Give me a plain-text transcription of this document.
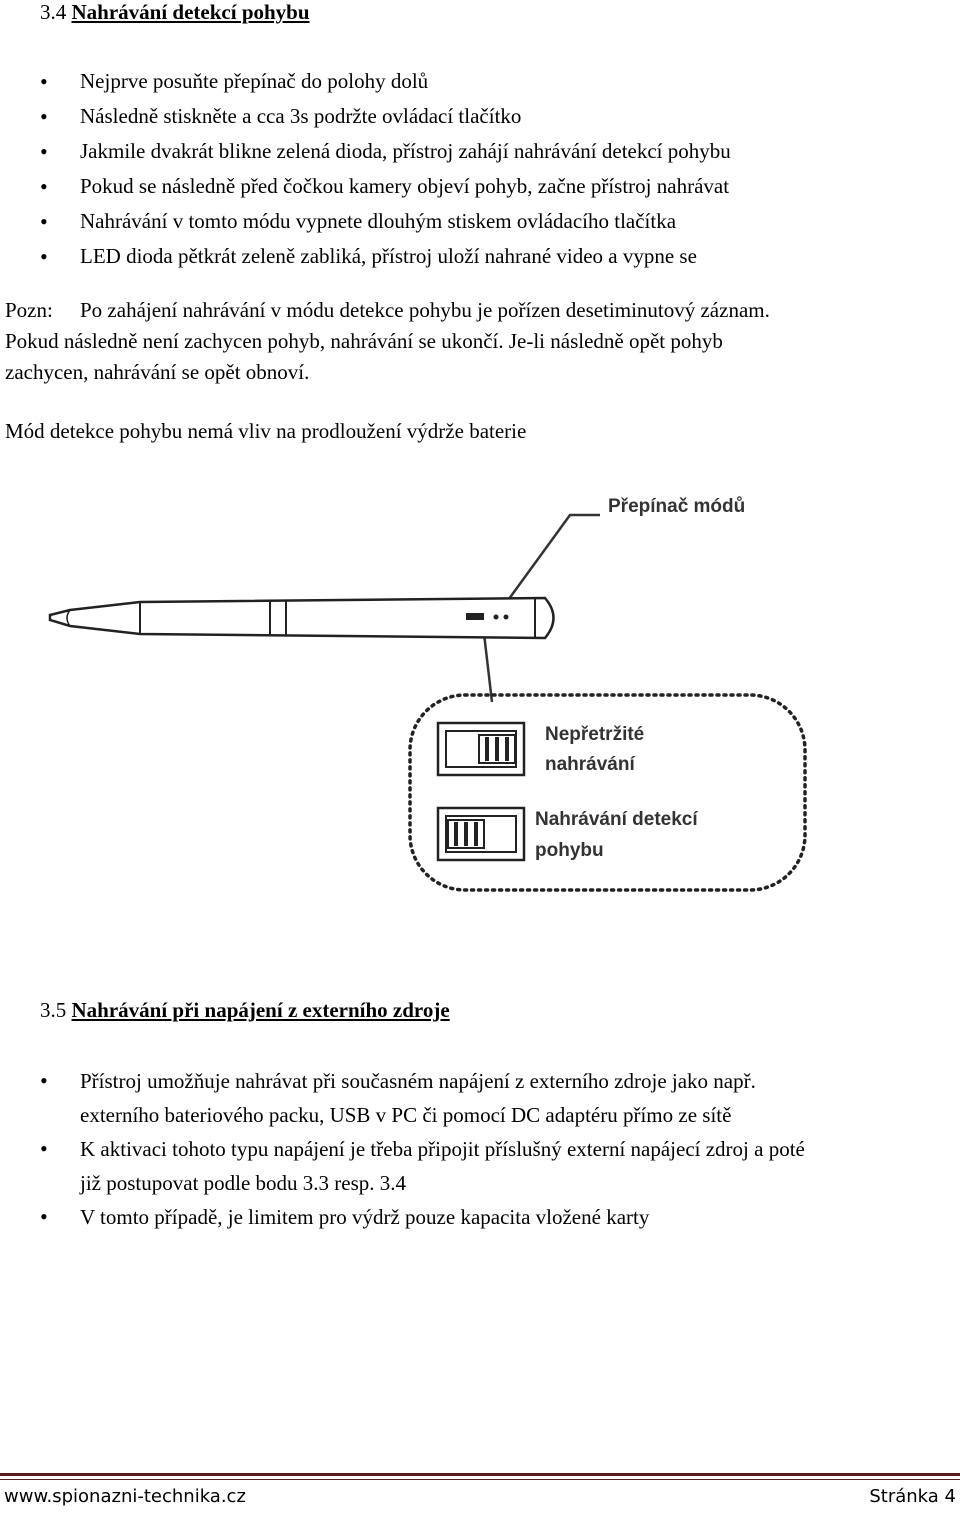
3.4 Nahrávání detekcí pohybu
• Nejprve posuňte přepínač do polohy dolů
• Následně stiskněte a cca 3s podržte ovládací tlačítko
• Jakmile dvakrát blikne zelená dioda, přístroj zahájí nahrávání detekcí pohybu
• Pokud se následně před čočkou kamery objeví pohyb, začne přístroj nahrávat
• Nahrávání v tomto módu vypnete dlouhým stiskem ovládacího tlačítka
• LED dioda pětkrát zeleně zabliká, přístroj uloží nahrané video a vypne se
Pozn: Po zahájení nahrávání v módu detekce pohybu je pořízen desetiminutový záznam.
Pokud následně není zachycen pohyb, nahrávání se ukončí. Je-li následně opět pohyb
zachycen, nahrávání se opět obnoví.
Mód detekce pohybu nemá vliv na prodloužení výdrže baterie
Nepřetržité
nahrávání
Nahrávání detekcí
pohybu
Přepínač módů
3.5 Nahrávání při napájení z externího zdroje
• Přístroj umožňuje nahrávat při současném napájení z externího zdroje jako např.
externího bateriového packu, USB v PC či pomocí DC adaptéru přímo ze sítě
• K aktivaci tohoto typu napájení je třeba připojit příslušný externí napájecí zdroj a poté
již postupovat podle bodu 3.3 resp. 3.4
• V tomto případě, je limitem pro výdrž pouze kapacita vložené karty
www.spionazni-technika.cz	Stránka 4
